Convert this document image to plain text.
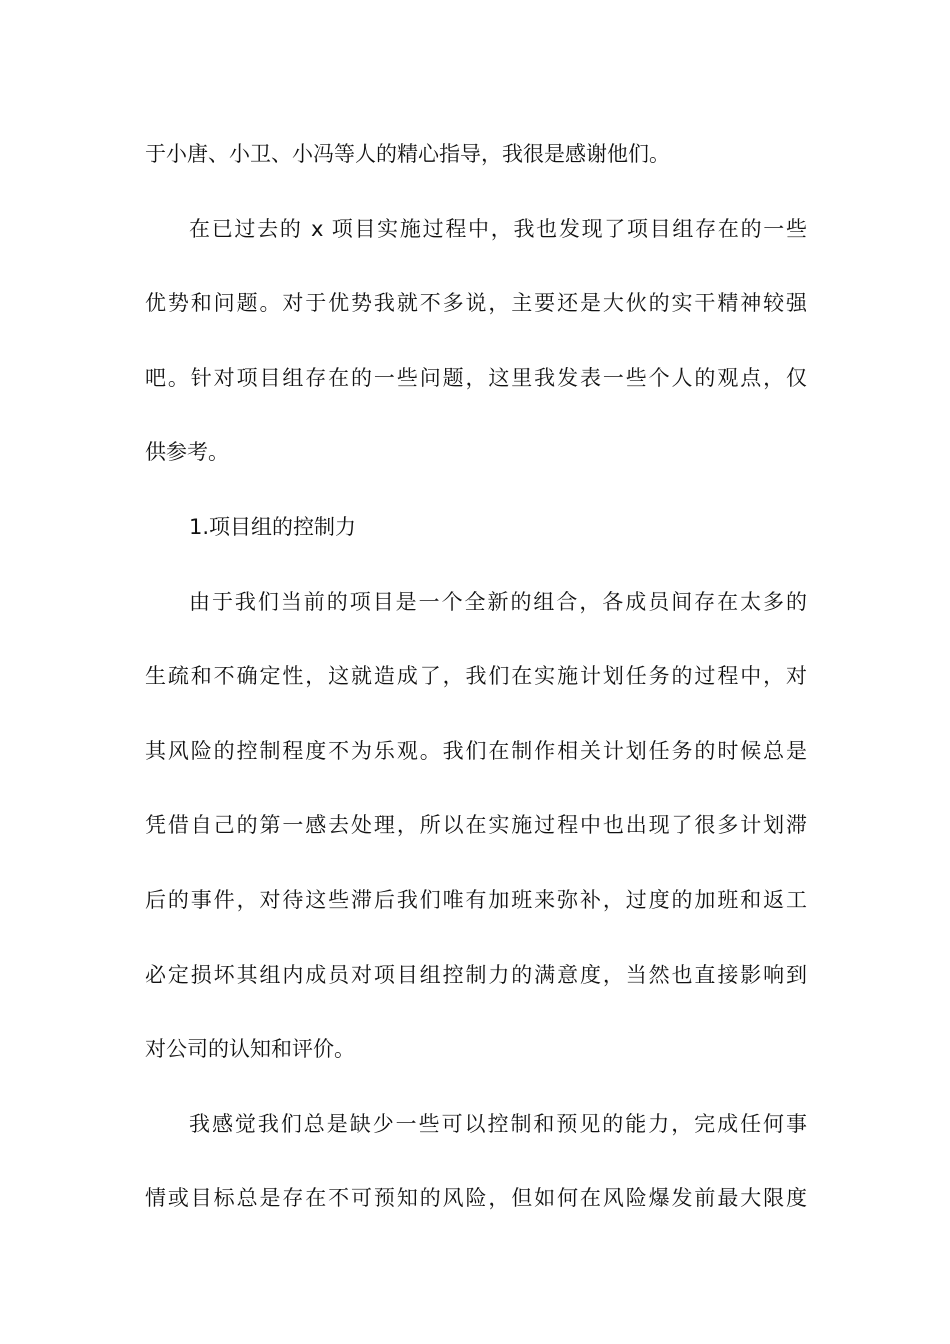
于小唐、小卫、小冯等人的精心指导，我很是感谢他们。
在已过去的 x 项目实施过程中，我也发现了项目组存在的一些
优势和问题。对于优势我就不多说，主要还是大伙的实干精神较强
吧。针对项目组存在的一些问题，这里我发表一些个人的观点，仅
供参考。
1.项目组的控制力
由于我们当前的项目是一个全新的组合，各成员间存在太多的
生疏和不确定性，这就造成了，我们在实施计划任务的过程中，对
其风险的控制程度不为乐观。我们在制作相关计划任务的时候总是
凭借自己的第一感去处理，所以在实施过程中也出现了很多计划滞
后的事件，对待这些滞后我们唯有加班来弥补，过度的加班和返工
必定损坏其组内成员对项目组控制力的满意度，当然也直接影响到
对公司的认知和评价。
我感觉我们总是缺少一些可以控制和预见的能力，完成任何事
情或目标总是存在不可预知的风险，但如何在风险爆发前最大限度
